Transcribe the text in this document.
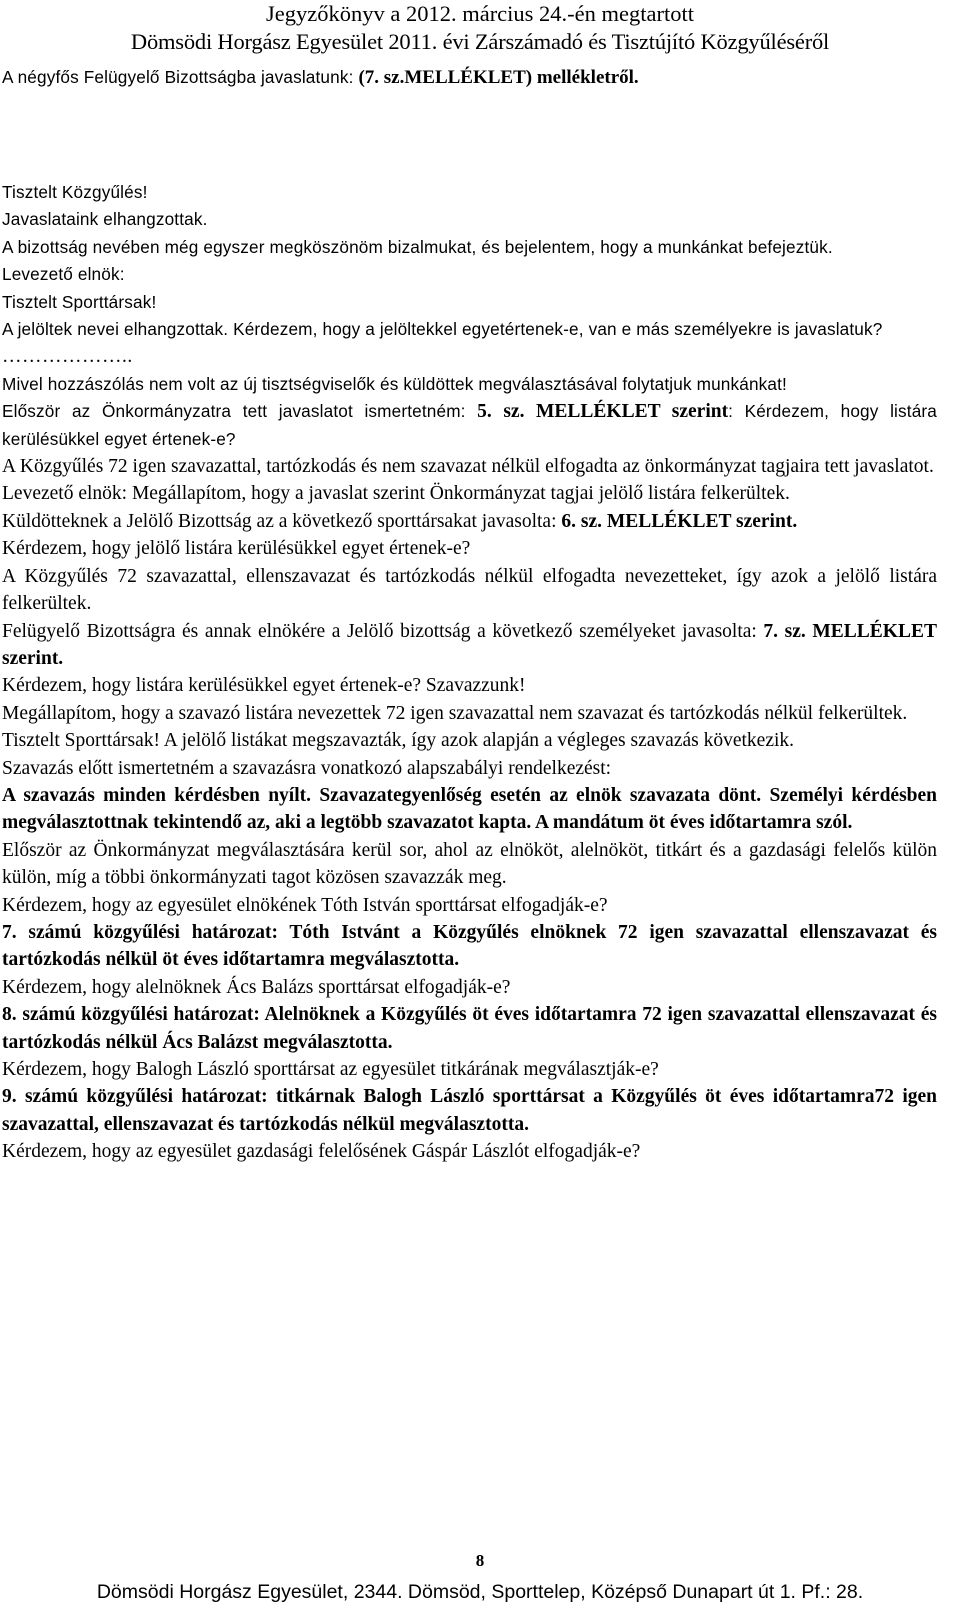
Jegyzőkönyv a 2012. március 24.-én megtartott
Dömsödi Horgász Egyesület 2011. évi Zárszámadó és Tisztújító Közgyűléséről
A négyfős Felügyelő Bizottságba javaslatunk: (7. sz.MELLÉKLET) mellékletről.

Tisztelt Közgyűlés!

Javaslataink elhangzottak.

A bizottság nevében még egyszer megköszönöm bizalmukat, és bejelentem, hogy a munkánkat befejeztük.

Levezető elnök:

Tisztelt Sporttársak!

A jelöltek nevei elhangzottak. Kérdezem, hogy a jelöltekkel egyetértenek-e, van e más személyekre is javaslatuk?

………………..

Mivel hozzászólás nem volt az új tisztségviselők és küldöttek megválasztásával folytatjuk munkánkat!

Először az Önkormányzatra tett javaslatot ismertetném: 5. sz. MELLÉKLET szerint: Kérdezem, hogy listára kerülésükkel egyet értenek-e?

A Közgyűlés 72 igen szavazattal, tartózkodás és nem szavazat nélkül elfogadta az önkormányzat tagjaira tett javaslatot.

Levezető elnök: Megállapítom, hogy a javaslat szerint Önkormányzat tagjai jelölő listára felkerültek.

Küldötteknek a Jelölő Bizottság az a következő sporttársakat javasolta: 6. sz. MELLÉKLET szerint.

Kérdezem, hogy jelölő listára kerülésükkel egyet értenek-e?

A Közgyűlés 72 szavazattal, ellenszavazat és tartózkodás nélkül elfogadta nevezetteket, így azok a jelölő listára felkerültek.

Felügyelő Bizottságra és annak elnökére a Jelölő bizottság a következő személyeket javasolta: 7. sz. MELLÉKLET szerint.

Kérdezem, hogy listára kerülésükkel egyet értenek-e? Szavazzunk!

Megállapítom, hogy a szavazó listára nevezettek 72 igen szavazattal nem szavazat és tartózkodás nélkül felkerültek.

Tisztelt Sporttársak! A jelölő listákat megszavazták, így azok alapján a végleges szavazás következik.

Szavazás előtt ismertetném a szavazásra vonatkozó alapszabályi rendelkezést:

A szavazás minden kérdésben nyílt. Szavazategyenlőség esetén az elnök szavazata dönt. Személyi kérdésben megválasztottnak tekintendő az, aki a legtöbb szavazatot kapta. A mandátum öt éves időtartamra szól.

Először az Önkormányzat megválasztására kerül sor, ahol az elnököt, alelnököt, titkárt és a gazdasági felelős külön külön, míg a többi önkormányzati tagot közösen szavazzák meg.

Kérdezem, hogy az egyesület elnökének Tóth István sporttársat elfogadják-e?

7. számú közgyűlési határozat: Tóth Istvánt a Közgyűlés elnöknek 72 igen szavazattal ellenszavazat és tartózkodás nélkül öt éves időtartamra megválasztotta.

Kérdezem, hogy alelnöknek Ács Balázs sporttársat elfogadják-e?

8. számú közgyűlési határozat: Alelnöknek a Közgyűlés öt éves időtartamra 72 igen szavazattal ellenszavazat és tartózkodás nélkül Ács Balázst megválasztotta.

Kérdezem, hogy Balogh László sporttársat az egyesület titkárának megválasztják-e?

9. számú közgyűlési határozat: titkárnak Balogh László sporttársat a Közgyűlés öt éves időtartamra72 igen szavazattal, ellenszavazat és tartózkodás nélkül megválasztotta.

Kérdezem, hogy az egyesület gazdasági felelősének Gáspár Lászlót elfogadják-e?

8
Dömsödi Horgász Egyesület, 2344. Dömsöd, Sporttelep, Középső Dunapart út 1. Pf.: 28.
